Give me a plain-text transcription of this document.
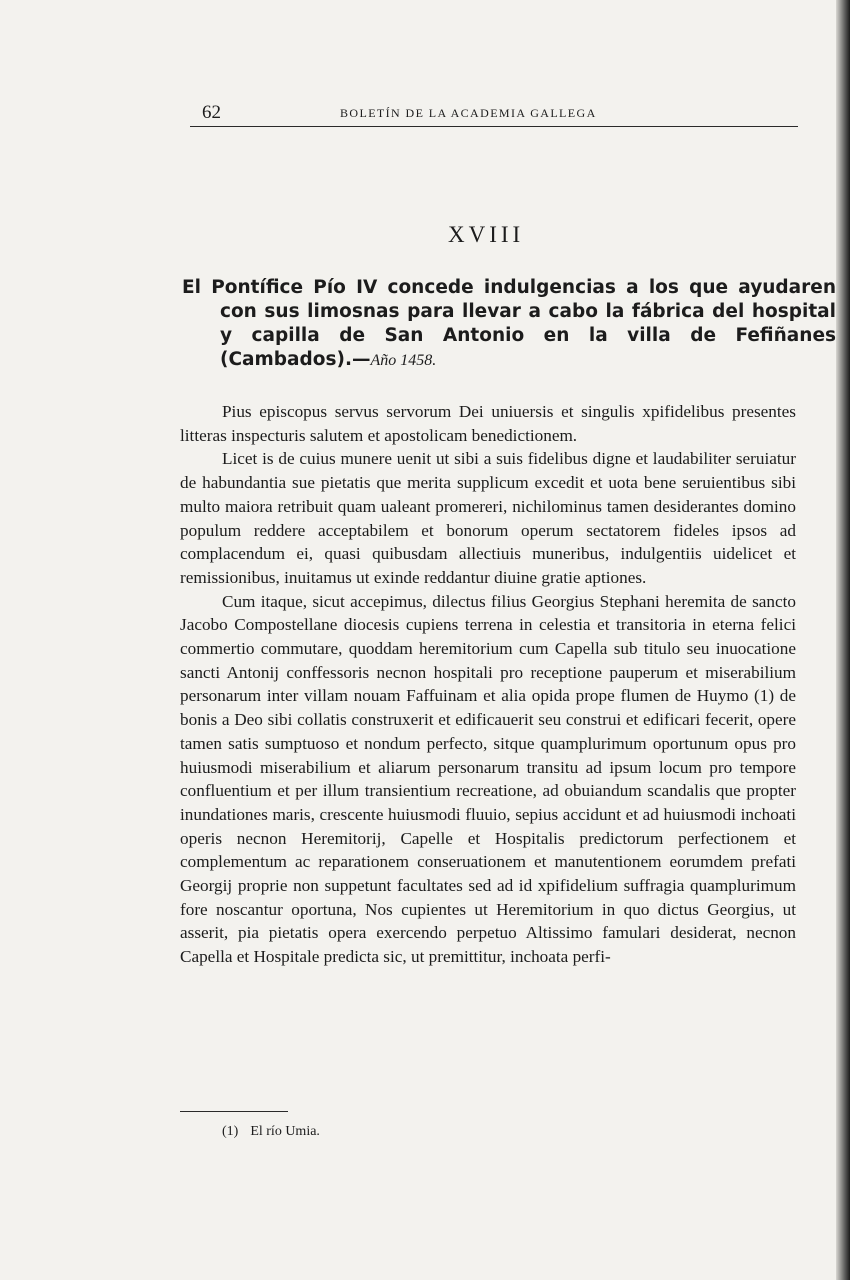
62	BOLETÍN DE LA ACADEMIA GALLEGA
XVIII
El Pontífice Pío IV concede indulgencias a los que ayudaren con sus limosnas para llevar a cabo la fábrica del hospital y capilla de San Antonio en la villa de Fefiñanes (Cambados).—Año 1458.

Pius episcopus servus servorum Dei uniuersis et singulis xpifidelibus presentes litteras inspecturis salutem et apostolicam benedictionem.

Licet is de cuius munere uenit ut sibi a suis fidelibus digne et laudabiliter seruiatur de habundantia sue pietatis que merita supplicum excedit et uota bene seruientibus sibi multo maiora retribuit quam ualeant promereri, nichilominus tamen desiderantes domino populum reddere acceptabilem et bonorum operum sectatorem fideles ipsos ad complacendum ei, quasi quibusdam allectiuis muneribus, indulgentiis uidelicet et remissionibus, inuitamus ut exinde reddantur diuine gratie aptiones.

Cum itaque, sicut accepimus, dilectus filius Georgius Stephani heremita de sancto Jacobo Compostellane diocesis cupiens terrena in celestia et transitoria in eterna felici commertio commutare, quoddam heremitorium cum Capella sub titulo seu inuocatione sancti Antonij conffessoris necnon hospitali pro receptione pauperum et miserabilium personarum inter villam nouam Faffuinam et alia opida prope flumen de Huymo (1) de bonis a Deo sibi collatis construxerit et edificauerit seu construi et edificari fecerit, opere tamen satis sumptuoso et nondum perfecto, sitque quamplurimum oportunum opus pro huiusmodi miserabilium et aliarum personarum transitu ad ipsum locum pro tempore confluentium et per illum transientium recreatione, ad obuiandum scandalis que propter inundationes maris, crescente huiusmodi fluuio, sepius accidunt et ad huiusmodi inchoati operis necnon Heremitorij, Capelle et Hospitalis predictorum perfectionem et complementum ac reparationem conseruationem et manutentionem eorumdem prefati Georgij proprie non suppetunt facultates sed ad id xpifidelium suffragia quamplurimum fore noscantur oportuna, Nos cupientes ut Heremitorium in quo dictus Georgius, ut asserit, pia pietatis opera exercendo perpetuo Altissimo famulari desiderat, necnon Capella et Hospitale predicta sic, ut premittitur, inchoata perfi-

(1) El río Umia.
